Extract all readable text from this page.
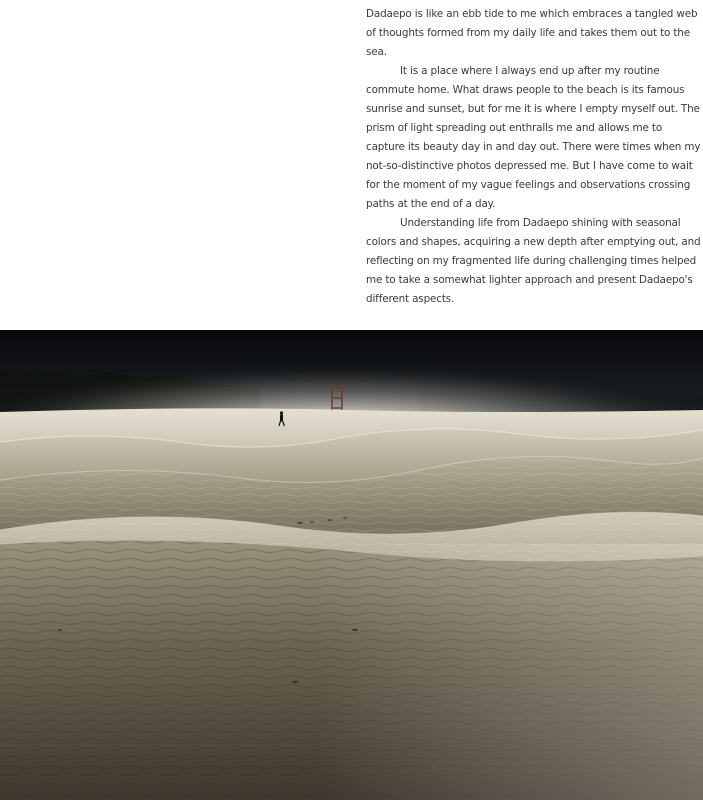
Dadaepo is like an ebb tide to me which embraces a tangled web of thoughts formed from my daily life and takes them out to the sea.

It is a place where I always end up after my routine commute home. What draws people to the beach is its famous sunrise and sunset, but for me it is where I empty myself out. The prism of light spreading out enthralls me and allows me to capture its beauty day in and day out. There were times when my not-so-distinctive photos depressed me. But I have come to wait for the moment of my vague feelings and observations crossing paths at the end of a day.

Understanding life from Dadaepo shining with seasonal colors and shapes, acquiring a new depth after emptying out, and reflecting on my fragmented life during challenging times helped me to take a somewhat lighter approach and present Dadaepo's different aspects.
